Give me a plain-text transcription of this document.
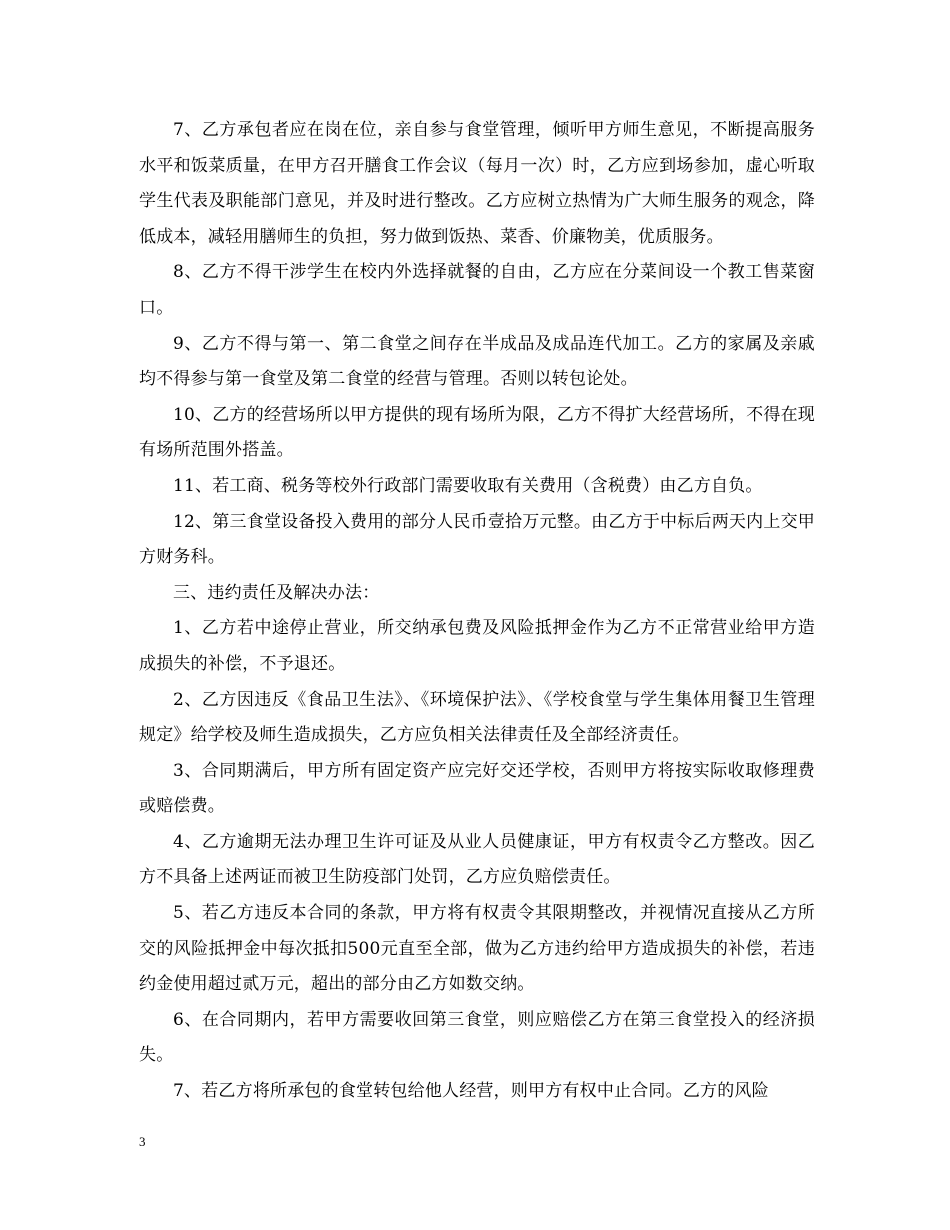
7、乙方承包者应在岗在位，亲自参与食堂管理，倾听甲方师生意见，不断提高服务水平和饭菜质量，在甲方召开膳食工作会议（每月一次）时，乙方应到场参加，虚心听取学生代表及职能部门意见，并及时进行整改。乙方应树立热情为广大师生服务的观念，降低成本，减轻用膳师生的负担，努力做到饭热、菜香、价廉物美，优质服务。

8、乙方不得干涉学生在校内外选择就餐的自由，乙方应在分菜间设一个教工售菜窗口。

9、乙方不得与第一、第二食堂之间存在半成品及成品连代加工。乙方的家属及亲戚均不得参与第一食堂及第二食堂的经营与管理。否则以转包论处。

10、乙方的经营场所以甲方提供的现有场所为限，乙方不得扩大经营场所，不得在现有场所范围外搭盖。

11、若工商、税务等校外行政部门需要收取有关费用（含税费）由乙方自负。

12、第三食堂设备投入费用的部分人民币壹拾万元整。由乙方于中标后两天内上交甲方财务科。

三、违约责任及解决办法：

1、乙方若中途停止营业，所交纳承包费及风险抵押金作为乙方不正常营业给甲方造成损失的补偿，不予退还。

2、乙方因违反《食品卫生法》、《环境保护法》、《学校食堂与学生集体用餐卫生管理规定》给学校及师生造成损失，乙方应负相关法律责任及全部经济责任。

3、合同期满后，甲方所有固定资产应完好交还学校，否则甲方将按实际收取修理费或赔偿费。

4、乙方逾期无法办理卫生许可证及从业人员健康证，甲方有权责令乙方整改。因乙方不具备上述两证而被卫生防疫部门处罚，乙方应负赔偿责任。

5、若乙方违反本合同的条款，甲方将有权责令其限期整改，并视情况直接从乙方所交的风险抵押金中每次抵扣500元直至全部，做为乙方违约给甲方造成损失的补偿，若违约金使用超过贰万元，超出的部分由乙方如数交纳。

6、在合同期内，若甲方需要收回第三食堂，则应赔偿乙方在第三食堂投入的经济损失。

7、若乙方将所承包的食堂转包给他人经营，则甲方有权中止合同。乙方的风险

3
